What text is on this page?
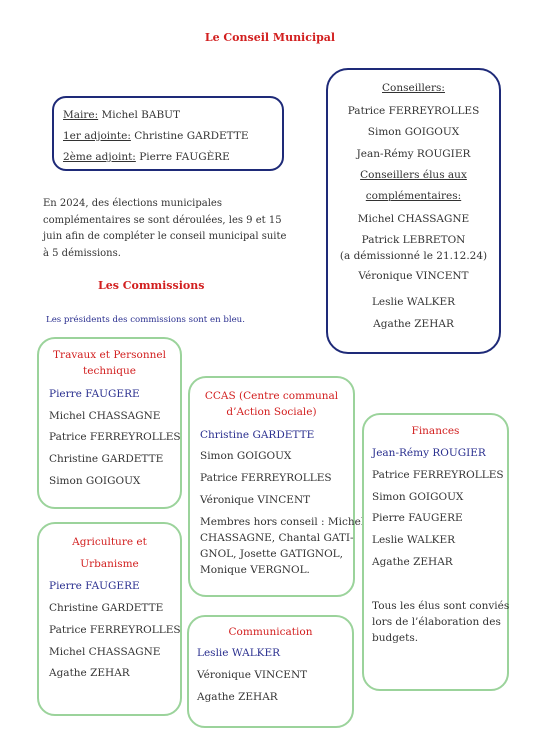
Le Conseil Municipal
Maire: Michel BABUT
1er adjointe: Christine GARDETTE
2ème adjoint: Pierre FAUGÈRE
En 2024, des élections municipales complémentaires se sont déroulées, les 9 et 15 juin afin de compléter le conseil municipal suite à 5 démissions.
Conseillers:
Patrice FERREYROLLES
Simon GOIGOUX
Jean-Rémy ROUGIER
Conseillers élus aux
complémentaires:
Michel CHASSAGNE
Patrick LEBRETON
(a démissionné le 21.12.24)
Véronique VINCENT
Leslie WALKER
Agathe ZEHAR
Les Commissions
Les présidents des commissions sont en bleu.
Travaux et Personnel
technique
Pierre FAUGERE
Michel CHASSAGNE
Patrice FERREYROLLES
Christine GARDETTE
Simon GOIGOUX
CCAS (Centre communal
d’Action Sociale)
Christine GARDETTE
Simon GOIGOUX
Patrice FERREYROLLES
Véronique VINCENT
Membres hors conseil : Michel
CHASSAGNE, Chantal GATI-
GNOL, Josette GATIGNOL,
Monique VERGNOL.
Finances
Jean-Rémy ROUGIER
Patrice FERREYROLLES
Simon GOIGOUX
Pierre FAUGERE
Leslie WALKER
Agathe ZEHAR
Tous les élus sont conviés
lors de l’élaboration des
budgets.
Agriculture et
Urbanisme
Pierre FAUGERE
Christine GARDETTE
Patrice FERREYROLLES
Michel CHASSAGNE
Agathe ZEHAR
Communication
Leslie WALKER
Véronique VINCENT
Agathe ZEHAR
